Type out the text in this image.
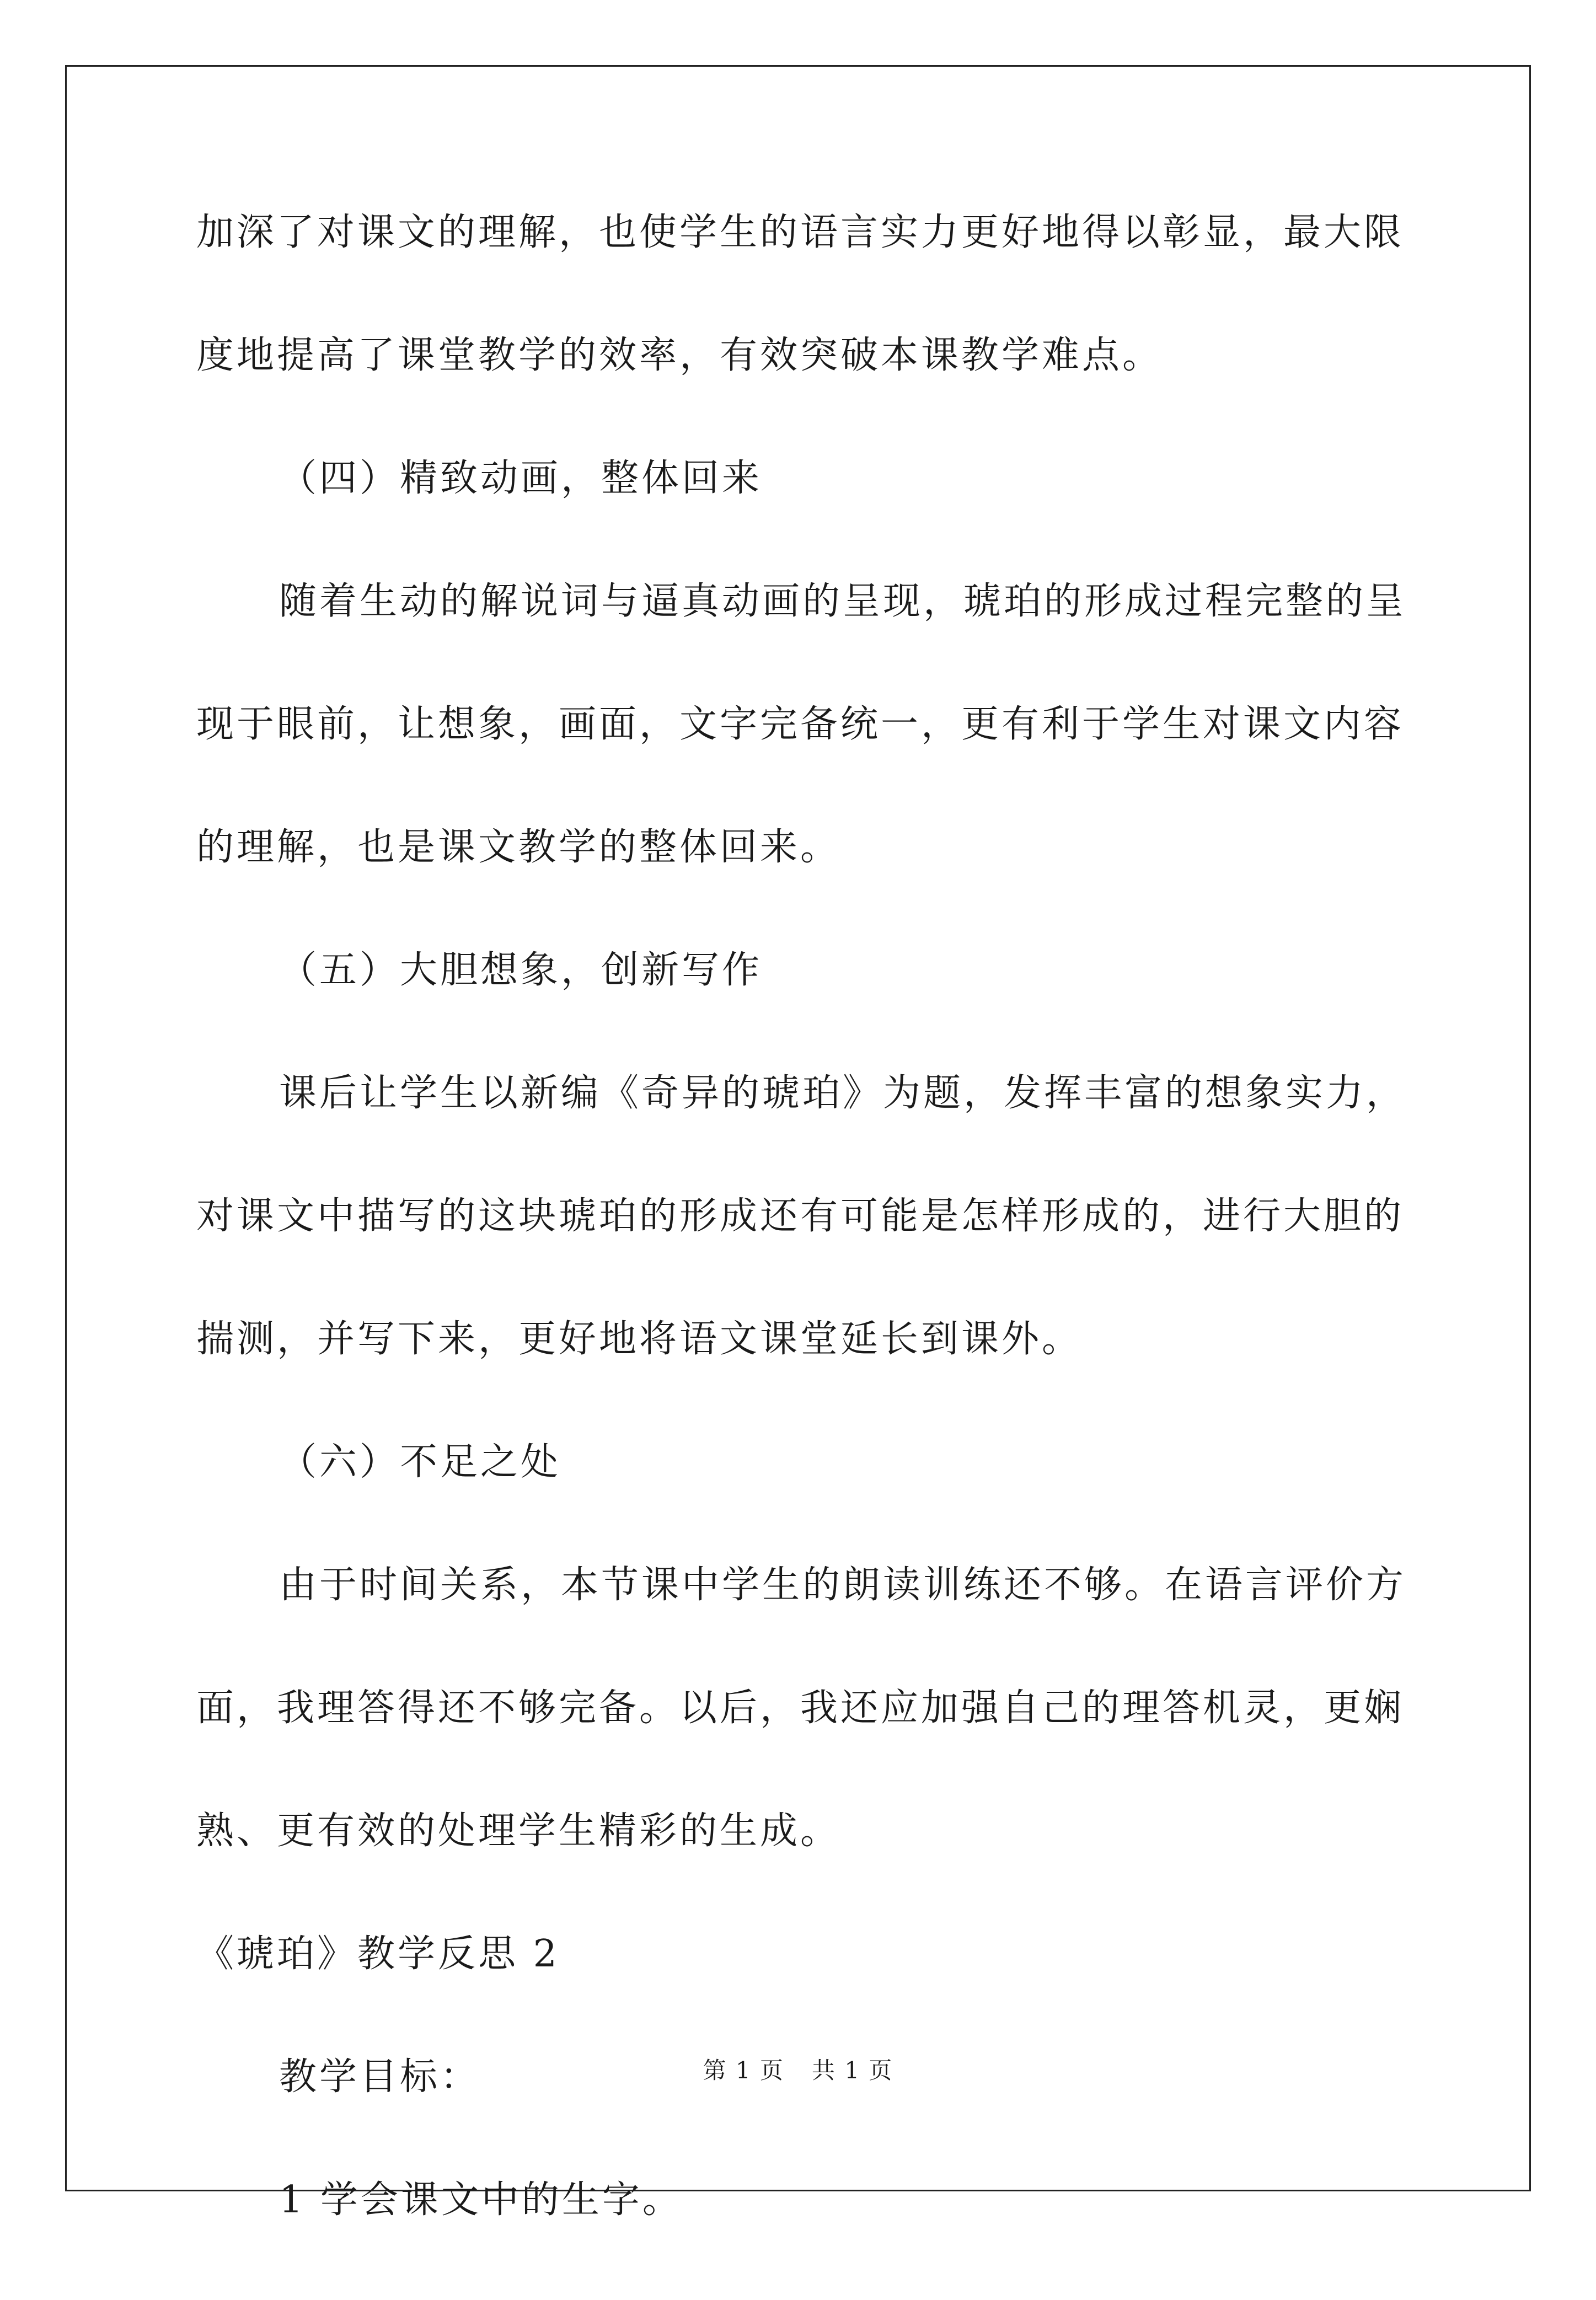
加深了对课文的理解，也使学生的语言实力更好地得以彰显，最大限
度地提高了课堂教学的效率，有效突破本课教学难点。
（四）精致动画，整体回来
随着生动的解说词与逼真动画的呈现，琥珀的形成过程完整的呈
现于眼前，让想象，画面，文字完备统一，更有利于学生对课文内容
的理解，也是课文教学的整体回来。
（五）大胆想象，创新写作
课后让学生以新编《奇异的琥珀》为题，发挥丰富的想象实力，
对课文中描写的这块琥珀的形成还有可能是怎样形成的，进行大胆的
揣测，并写下来，更好地将语文课堂延长到课外。
（六）不足之处
由于时间关系，本节课中学生的朗读训练还不够。在语言评价方
面，我理答得还不够完备。以后，我还应加强自己的理答机灵，更娴
熟、更有效的处理学生精彩的生成。
《琥珀》教学反思 2
教学目标：
1 学会课文中的生字。
第 1 页 共 1 页
